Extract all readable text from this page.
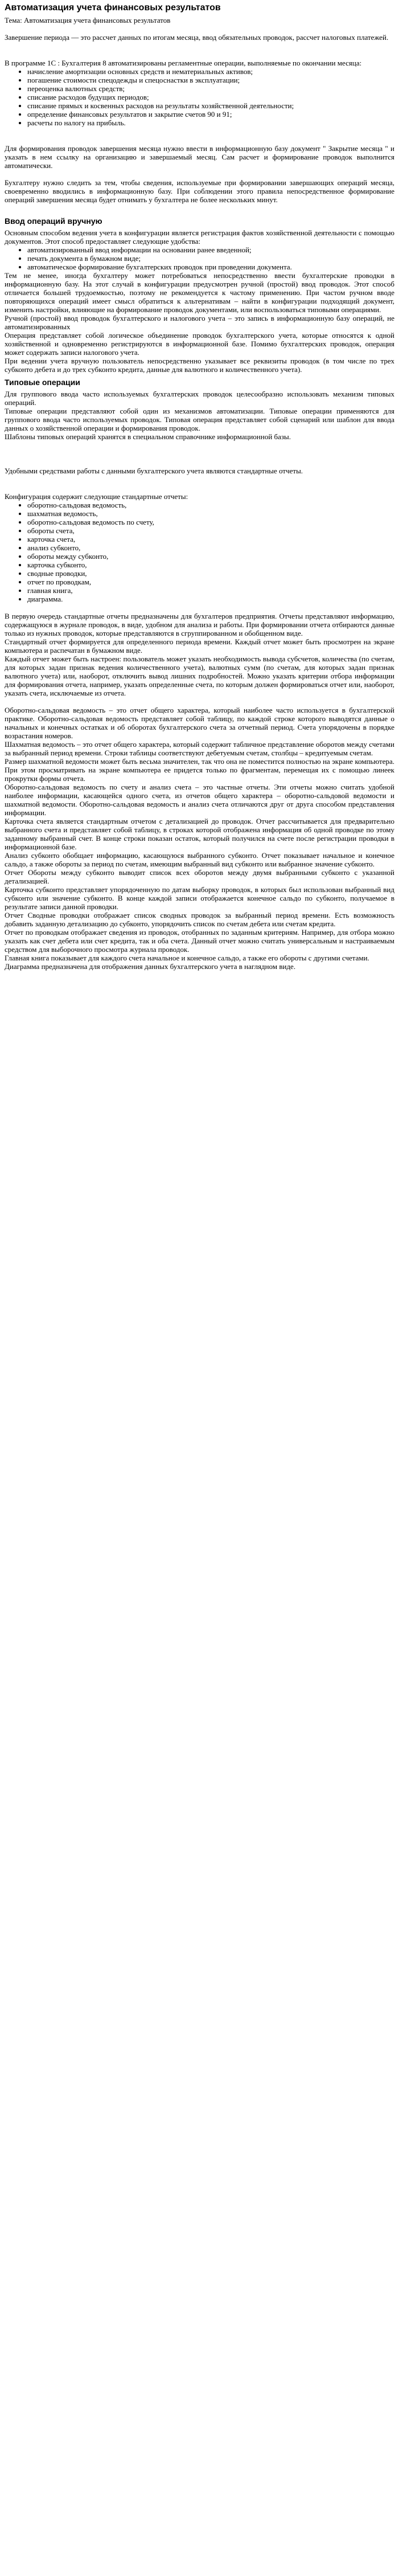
Автоматизация учета финансовых результатов

Тема: Автоматизация учета финансовых результатов

Завершение периода — это рассчет данных по итогам месяца, ввод обязательных проводок, рассчет налоговых платежей.

В программе 1С : Бухгалтерия 8 автоматизированы регламентные операции, выполняемые по окончании месяца:

• начисление амортизации основных средств и нематериальных активов;
• погашение стоимости спецодежды и спецоснастки в эксплуатации;
• переоценка валютных средств;
• списание расходов будущих периодов;
• списание прямых и косвенных расходов на результаты хозяйственной деятельности;
• определение финансовых результатов и закрытие счетов 90 и 91;
• расчеты по налогу на прибыль.

Для формирования проводок завершения месяца нужно ввести в информационную базу документ " Закрытие месяца " и указать в нем ссылку на организацию и завершаемый месяц. Сам расчет и формирование проводок выполнится автоматически.

Бухгалтеру нужно следить за тем, чтобы сведения, используемые при формировании завершающих операций месяца, своевременно вводились в информационную базу. При соблюдении этого правила непосредственное формирование операций завершения месяца будет отнимать у бухгалтера не более нескольких минут.

Ввод операций вручную

Основным способом ведения учета в конфигурации является регистрация фактов хозяйственной деятельности с помощью документов. Этот способ предоставляет следующие удобства:

• автоматизированный ввод информации на основании ранее введенной;
• печать документа в бумажном виде;
• автоматическое формирование бухгалтерских проводок при проведении документа.

Тем не менее, иногда бухгалтеру может потребоваться непосредственно ввести бухгалтерские проводки в информационную базу. На этот случай в конфигурации предусмотрен ручной (простой) ввод проводок. Этот способ отличается большей трудоемкостью, поэтому не рекомендуется к частому применению. При частом ручном вводе повторяющихся операций имеет смысл обратиться к альтернативам – найти в конфигурации подходящий документ, изменить настройки, влияющие на формирование проводок документами, или воспользоваться типовыми операциями.

Ручной (простой) ввод проводок бухгалтерского и налогового учета – это запись в информационную базу операций, не автоматизированных

Операция представляет собой логическое объединение проводок бухгалтерского учета, которые относятся к одной хозяйственной и одновременно регистрируются в информационной базе. Помимо бухгалтерских проводок, операция может содержать записи налогового учета.

При ведении учета вручную пользователь непосредственно указывает все реквизиты проводок (в том числе по трех субконто дебета и до трех субконто кредита, данные для валютного и количественного учета).

Типовые операции

Для группового ввода часто используемых бухгалтерских проводок целесообразно использовать механизм типовых операций.

Типовые операции представляют собой один из механизмов автоматизации. Типовые операции применяются для группового ввода часто используемых проводок. Типовая операция представляет собой сценарий или шаблон для ввода данных о хозяйственной операции и формирования проводок.

Шаблоны типовых операций хранятся в специальном справочнике информационной базы.

Удобными средствами работы с данными бухгалтерского учета являются стандартные отчеты.

Конфигурация содержит следующие стандартные отчеты:

• оборотно-сальдовая ведомость,
• шахматная ведомость,
• оборотно-сальдовая ведомость по счету,
• обороты счета,
• карточка счета,
• анализ субконто,
• обороты между субконто,
• карточка субконто,
• сводные проводки,
• отчет по проводкам,
• главная книга,
• диаграмма.

В первую очередь стандартные отчеты предназначены для бухгалтеров предприятия. Отчеты представляют информацию, содержащуюся в журнале проводок, в виде, удобном для анализа и работы. При формировании отчета отбираются данные только из нужных проводок, которые представляются в сгруппированном и обобщенном виде.

Стандартный отчет формируется для определенного периода времени. Каждый отчет может быть просмотрен на экране компьютера и распечатан в бумажном виде.

Каждый отчет может быть настроен: пользователь может указать необходимость вывода субсчетов, количества (по счетам, для которых задан признак ведения количественного учета), валютных сумм (по счетам, для которых задан признак валютного учета) или, наоборот, отключить вывод лишних подробностей. Можно указать критерии отбора информации для формирования отчета, например, указать определенные счета, по которым должен формироваться отчет или, наоборот, указать счета, исключаемые из отчета.

Оборотно-сальдовая ведомость – это отчет общего характера, который наиболее часто используется в бухгалтерской практике. Оборотно-сальдовая ведомость представляет собой таблицу, по каждой строке которого выводятся данные о начальных и конечных остатках и об оборотах бухгалтерского счета за отчетный период. Счета упорядочены в порядке возрастания номеров.

Шахматная ведомость – это отчет общего характера, который содержит табличное представление оборотов между счетами за выбранный период времени. Строки таблицы соответствуют дебетуемым счетам, столбцы – кредитуемым счетам.

Размер шахматной ведомости может быть весьма значителен, так что она не поместится полностью на экране компьютера. При этом просматривать на экране компьютера ее придется только по фрагментам, перемещая их с помощью линеек прокрутки формы отчета.

Оборотно-сальдовая ведомость по счету и анализ счета – это частные отчеты. Эти отчеты можно считать удобной наиболее информации, касающейся одного счета, из отчетов общего характера – оборотно-сальдовой ведомости и шахматной ведомости. Оборотно-сальдовая ведомость и анализ счета отличаются друг от друга способом представления информации.

Карточка счета является стандартным отчетом с детализацией до проводок. Отчет рассчитывается для предварительно выбранного счета и представляет собой таблицу, в строках которой отображена информация об одной проводке по этому заданному выбранный счет. В конце строки показан остаток, который получился на счете после регистрации проводки в информационной базе.

Анализ субконто обобщает информацию, касающуюся выбранного субконто. Отчет показывает начальное и конечное сальдо, а также обороты за период по счетам, имеющим выбранный вид субконто или выбранное значение субконто.

Отчет Обороты между субконто выводит список всех оборотов между двумя выбранными субконто с указанной детализацией.

Карточка субконто представляет упорядоченную по датам выборку проводок, в которых был использован выбранный вид субконто или значение субконто. В конце каждой записи отображается конечное сальдо по субконто, получаемое в результате записи данной проводки.

Отчет Сводные проводки отображает список сводных проводок за выбранный период времени. Есть возможность добавить заданную детализацию до субконто, упорядочить список по счетам дебета или счетам кредита.

Отчет по проводкам отображает сведения из проводок, отобранных по заданным критериям. Например, для отбора можно указать как счет дебета или счет кредита, так и оба счета. Данный отчет можно считать универсальным и настраиваемым средством для выборочного просмотра журнала проводок.

Главная книга показывает для каждого счета начальное и конечное сальдо, а также его обороты с другими счетами.

Диаграмма предназначена для отображения данных бухгалтерского учета в наглядном виде.
